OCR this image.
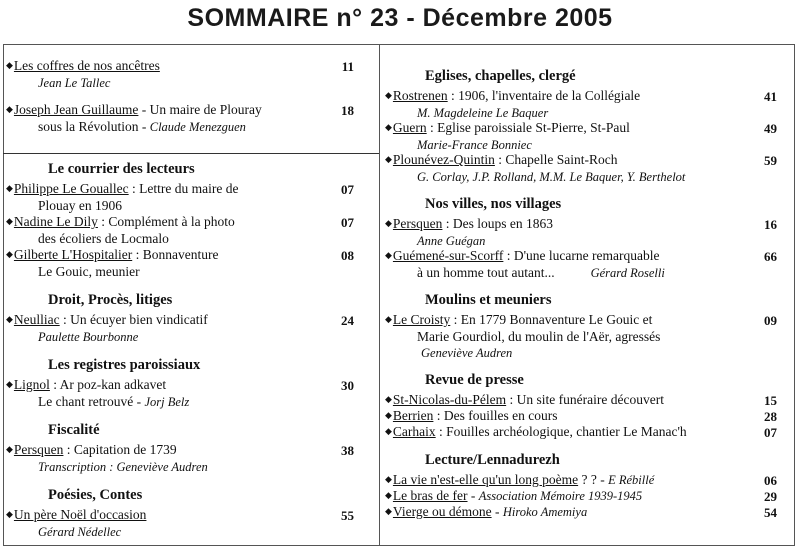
SOMMAIRE n° 23 - Décembre 2005
◆Les coffres de nos ancêtres
Jean Le Tallec
11
◆Joseph Jean Guillaume - Un maire de Plouray
sous la Révolution - Claude Menezguen
18
Le courrier des lecteurs
◆Philippe Le Goualleс : Lettre du maire de
Plouay en 1906
07
◆Nadine Le Dily : Complément à la photo
des écoliers de Locmalo
07
◆Gilberte L'Hospitalier : Bonnaventure
Le Gouic, meunier
08
Droit, Procès, litiges
◆Neulliac : Un écuyer bien vindicatif
Paulette Bourbonne
24
Les registres paroissiaux
◆Lignol : Ar poz-kan adkavet
Le chant retrouvé - Jorj Belz
30
Fiscalité
◆Persquen : Capitation de 1739
Transcription : Geneviève Audren
38
Poésies, Contes
◆Un père Noël d'occasion
Gérard Nédellec
55
Eglises, chapelles, clergé
◆Rostrenen : 1906, l'inventaire de la Collégiale
M. Magdeleine Le Baquer
41
◆Guern : Eglise paroissiale St-Pierre, St-Paul
Marie-France Bonniec
49
◆Plounévez-Quintin : Chapelle Saint-Roch
G. Corlay, J.P. Rolland, M.M. Le Baquer, Y. Berthelot
59
Nos villes, nos villages
◆Persquen : Des loups en 1863
Anne Guégan
16
◆Guémené-sur-Scorff : D'une lucarne remarquable
à un homme tout autant...	Gérard Roselli
66
Moulins et meuniers
◆Le Croisty : En 1779 Bonnaventure Le Gouic et
Marie Gourdiol, du moulin de l'Aër, agressés
Geneviève Audren
09
Revue de presse
◆St-Nicolas-du-Pélem : Un site funéraire découvert	15
◆Berrien : Des fouilles en cours	28
◆Carhaix : Fouilles archéologique, chantier Le Manac'h	07
Lecture/Lennadurezh
◆La vie n'est-elle qu'un long poème ? ? - E Rébillé	06
◆Le bras de fer - Association Mémoire 1939-1945	29
◆Vierge ou démone - Hiroko Amemiya	54
